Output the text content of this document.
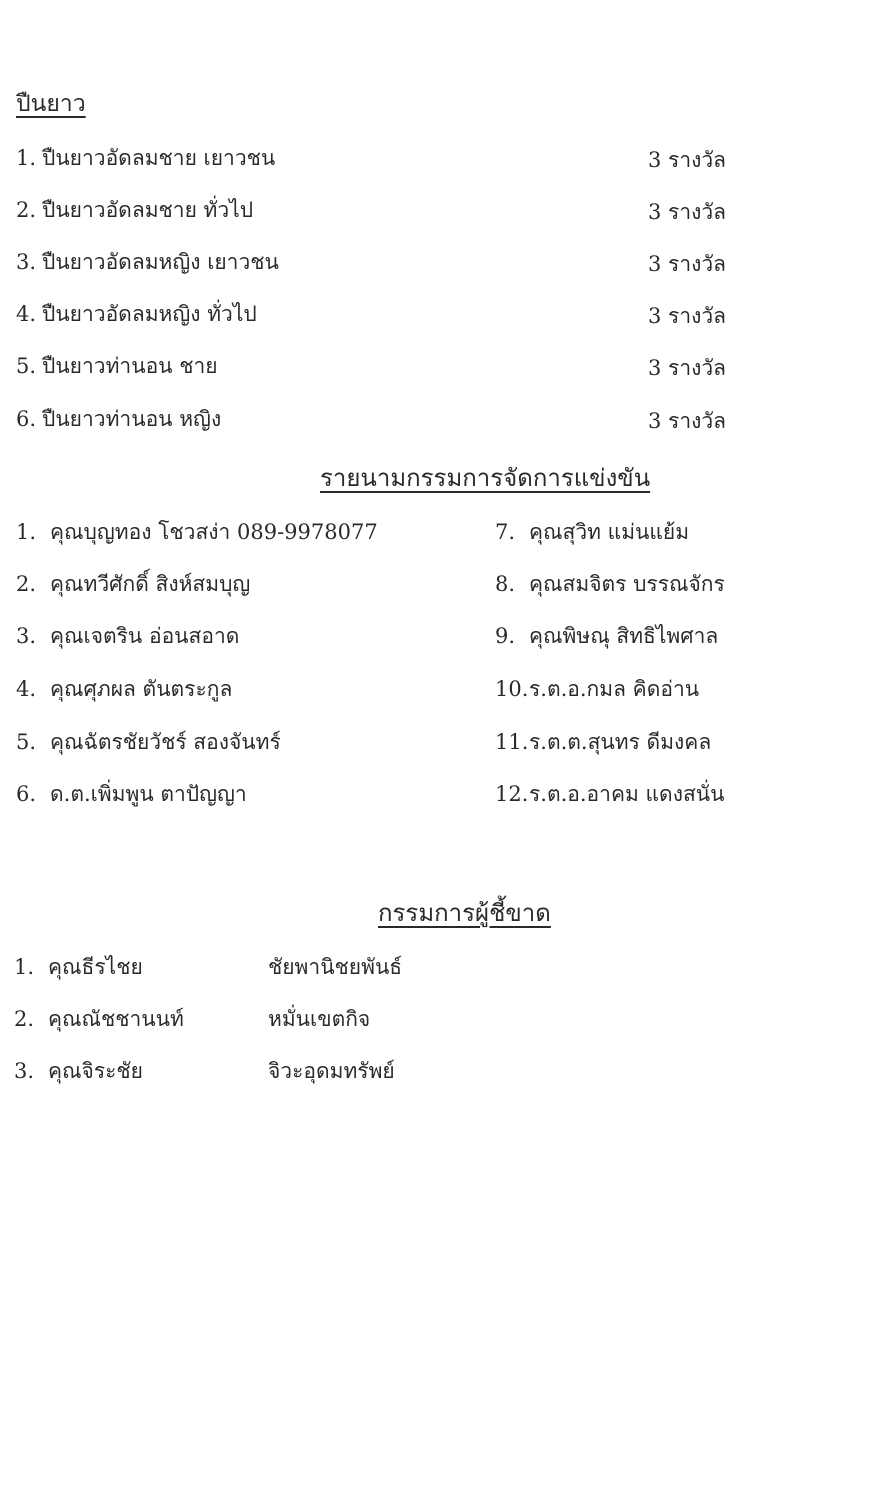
ปืนยาว
1. ปืนยาวอัดลมชาย เยาวชน	3 รางวัล
2. ปืนยาวอัดลมชาย ทั่วไป	3 รางวัล
3. ปืนยาวอัดลมหญิง เยาวชน	3 รางวัล
4. ปืนยาวอัดลมหญิง ทั่วไป	3 รางวัล
5. ปืนยาวท่านอน ชาย	3 รางวัล
6. ปืนยาวท่านอน หญิง	3 รางวัล
รายนามกรรมการจัดการแข่งขัน
1. คุณบุญทอง โชวสง่า 089-9978077
2. คุณทวีศักดิ์ สิงห์สมบุญ
3. คุณเจตริน อ่อนสอาด
4. คุณศุภผล ตันตระกูล
5. คุณฉัตรชัยวัชร์ สองจันทร์
6. ด.ต.เพิ่มพูน ตาปัญญา
7. คุณสุวิท แม่นแย้ม
8. คุณสมจิตร บรรณจักร
9. คุณพิษณุ สิทธิไพศาล
10.ร.ต.อ.กมล คิดอ่าน
11.ร.ต.ต.สุนทร ดีมงคล
12.ร.ต.อ.อาคม แดงสนั่น
กรรมการผู้ชี้ขาด
1. คุณธีรไชย	ชัยพานิชยพันธ์
2. คุณณัชชานนท์	หมั่นเขตกิจ
3. คุณจิระชัย	จิวะอุดมทรัพย์
